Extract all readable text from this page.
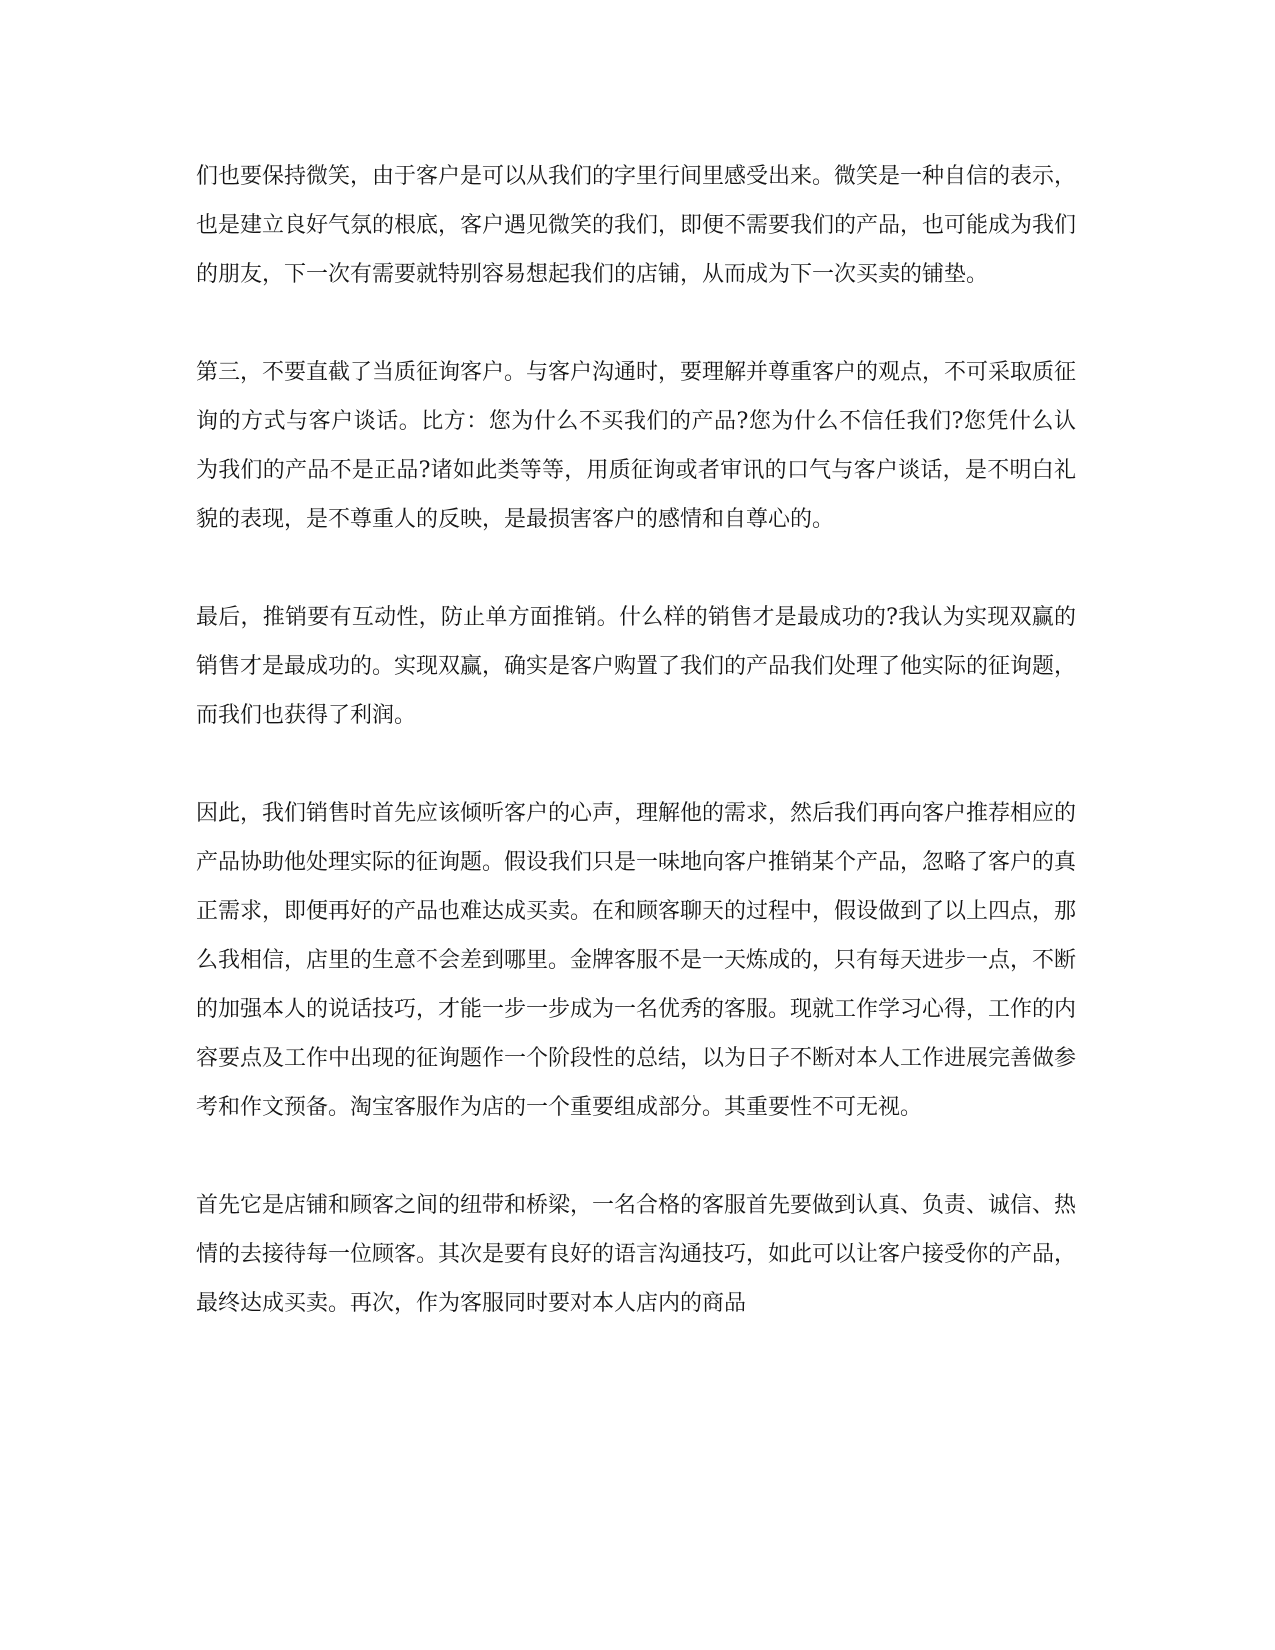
们也要保持微笑，由于客户是可以从我们的字里行间里感受出来。微笑是一种自信的表示，也是建立良好气氛的根底，客户遇见微笑的我们，即便不需要我们的产品，也可能成为我们的朋友，下一次有需要就特别容易想起我们的店铺，从而成为下一次买卖的铺垫。

第三，不要直截了当质征询客户。与客户沟通时，要理解并尊重客户的观点，不可采取质征询的方式与客户谈话。比方：您为什么不买我们的产品?您为什么不信任我们?您凭什么认为我们的产品不是正品?诸如此类等等，用质征询或者审讯的口气与客户谈话，是不明白礼貌的表现，是不尊重人的反映，是最损害客户的感情和自尊心的。

最后，推销要有互动性，防止单方面推销。什么样的销售才是最成功的?我认为实现双赢的销售才是最成功的。实现双赢，确实是客户购置了我们的产品我们处理了他实际的征询题，而我们也获得了利润。

因此，我们销售时首先应该倾听客户的心声，理解他的需求，然后我们再向客户推荐相应的产品协助他处理实际的征询题。假设我们只是一味地向客户推销某个产品，忽略了客户的真正需求，即便再好的产品也难达成买卖。在和顾客聊天的过程中，假设做到了以上四点，那么我相信，店里的生意不会差到哪里。金牌客服不是一天炼成的，只有每天进步一点，不断的加强本人的说话技巧，才能一步一步成为一名优秀的客服。现就工作学习心得，工作的内容要点及工作中出现的征询题作一个阶段性的总结，以为日子不断对本人工作进展完善做参考和作文预备。淘宝客服作为店的一个重要组成部分。其重要性不可无视。

首先它是店铺和顾客之间的纽带和桥梁，一名合格的客服首先要做到认真、负责、诚信、热情的去接待每一位顾客。其次是要有良好的语言沟通技巧，如此可以让客户接受你的产品，最终达成买卖。再次，作为客服同时要对本人店内的商品
